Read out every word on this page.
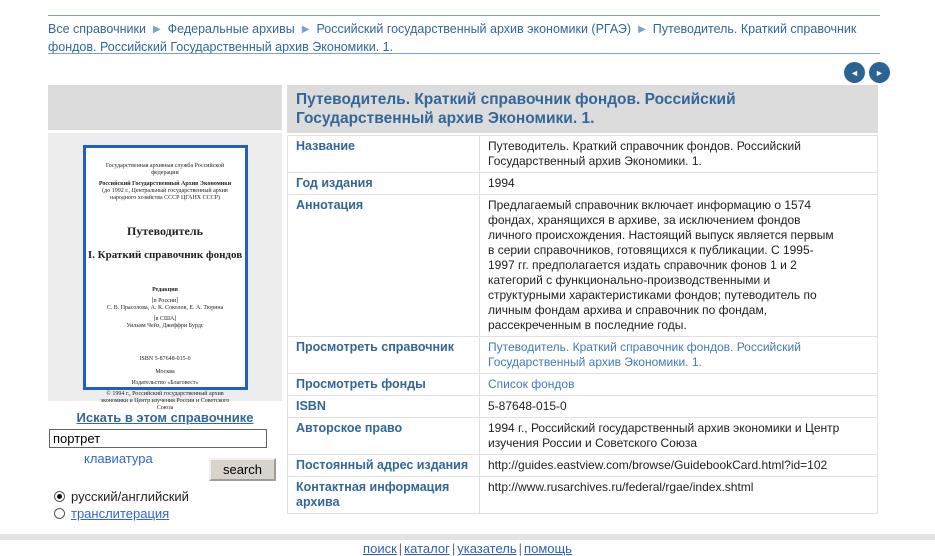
Все справочники ▶ Федеральные архивы ▶ Российский государственный архив экономики (РГАЭ) ▶ Путеводитель. Краткий справочник фондов. Российский Государственный архив Экономики. 1.
◄ ►
Государственная архивная служба Российской федерации
Российский Государственный Архив Экономики
(до 1992 г., Центральный государственный архив народного хозяйства СССР ЦГАНХ СССР)
Путеводитель
I. Краткий справочник фондов
Редакция
[в России]
С. В. Прасолова, А. К. Соколов, Е. А. Тюрина
[в США]
Уильям Чейз, Джеффри Бурдс
ISBN 5-87648-015-0
Москва
Издательство «Благовест»
© 1994 г., Российский государственный архив экономики и Центр изучения России и Советского Союза
Искать в этом справочнике
портрет
клавиатура
search
русский/английский
транслитерация
Путеводитель. Краткий справочник фондов. Российский Государственный архив Экономики. 1.
Название	Путеводитель. Краткий справочник фондов. Российский Государственный архив Экономики. 1.

Год издания	1994

Аннотация	Предлагаемый справочник включает информацию о 1574 фондах, хранящихся в архиве, за исключением фондов личного происхождения. Настоящий выпуск является первым в серии справочников, готовящихся к публикации. С 1995-1997 гг. предполагается издать справочник фонов 1 и 2 категорий с функционально-производственными и структурными характеристиками фондов; путеводитель по личным фондам архива и справочник по фондам, рассекреченным в последние годы.

Просмотреть справочник	Путеводитель. Краткий справочник фондов. Российский Государственный архив Экономики. 1.

Просмотреть фонды	Список фондов

ISBN	5-87648-015-0

Авторское право	1994 г., Российский государственный архив экономики и Центр изучения России и Советского Союза

Постоянный адрес издания	http://guides.eastview.com/browse/GuidebookCard.html?id=102

Контактная информация архива	http://www.rusarchives.ru/federal/rgae/index.shtml
поиск | каталог | указатель | помощь
